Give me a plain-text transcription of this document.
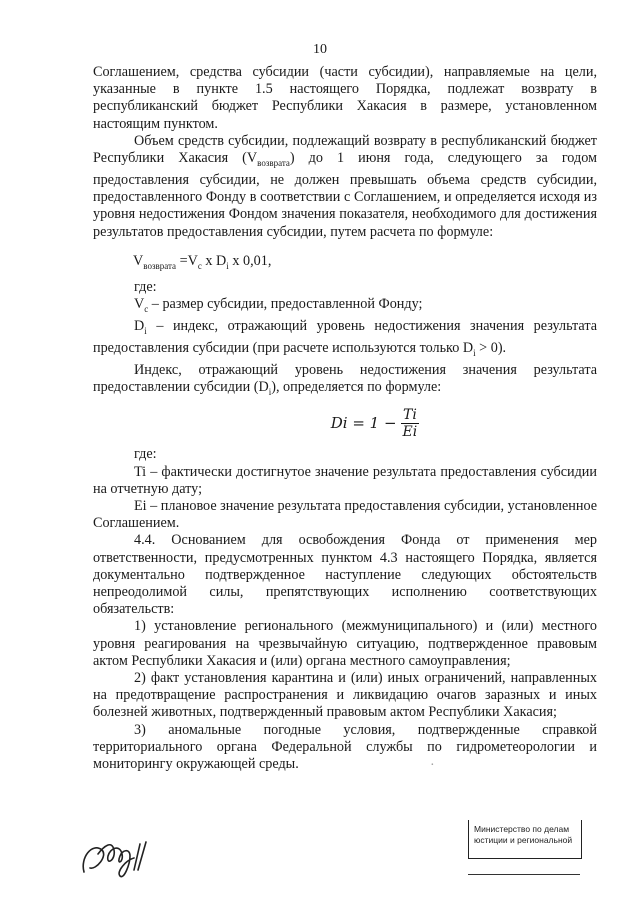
10

Соглашением, средства субсидии (части субсидии), направляемые на цели, указанные в пункте 1.5 настоящего Порядка, подлежат возврату в республиканский бюджет Республики Хакасия в размере, установленном настоящим пунктом.

Объем средств субсидии, подлежащий возврату в республиканский бюджет Республики Хакасия $(V_{возврата})$ до 1 июня года, следующего за годом предоставления субсидии, не должен превышать объема средств субсидии, предоставленного Фонду в соответствии с Соглашением, и определяется исходя из уровня недостижения Фондом значения показателя, необходимого для достижения результатов предоставления субсидии, путем расчета по формуле:

$V_{возврата} =V_c$ x $D_i$ x 0,01,

где:

$V_c$ – размер субсидии, предоставленной Фонду;

$D_i$ – индекс, отражающий уровень недостижения значения результата предоставления субсидии (при расчете используются только $D_i > 0$).

Индекс, отражающий уровень недостижения значения результата предоставлении субсидии $(D_i)$, определяется по формуле:

$Di = 1 - \frac{Ti}{Ei}$

где:

Ti – фактически достигнутое значение результата предоставления субсидии на отчетную дату;

Ei – плановое значение результата предоставления субсидии, установленное Соглашением.

4.4. Основанием для освобождения Фонда от применения мер ответственности, предусмотренных пунктом 4.3 настоящего Порядка, является документально подтвержденное наступление следующих обстоятельств непреодолимой силы, препятствующих исполнению соответствующих обязательств:

1) установление регионального (межмуниципального) и (или) местного уровня реагирования на чрезвычайную ситуацию, подтвержденное правовым актом Республики Хакасия и (или) органа местного самоуправления;

2) факт установления карантина и (или) иных ограничений, направленных на предотвращение распространения и ликвидацию очагов заразных и иных болезней животных, подтвержденный правовым актом Республики Хакасия;

3) аномальные погодные условия, подтвержденные справкой территориального органа Федеральной службы по гидрометеорологии и мониторингу окружающей среды.	·
Министерство по делам
юстиции и региональной
